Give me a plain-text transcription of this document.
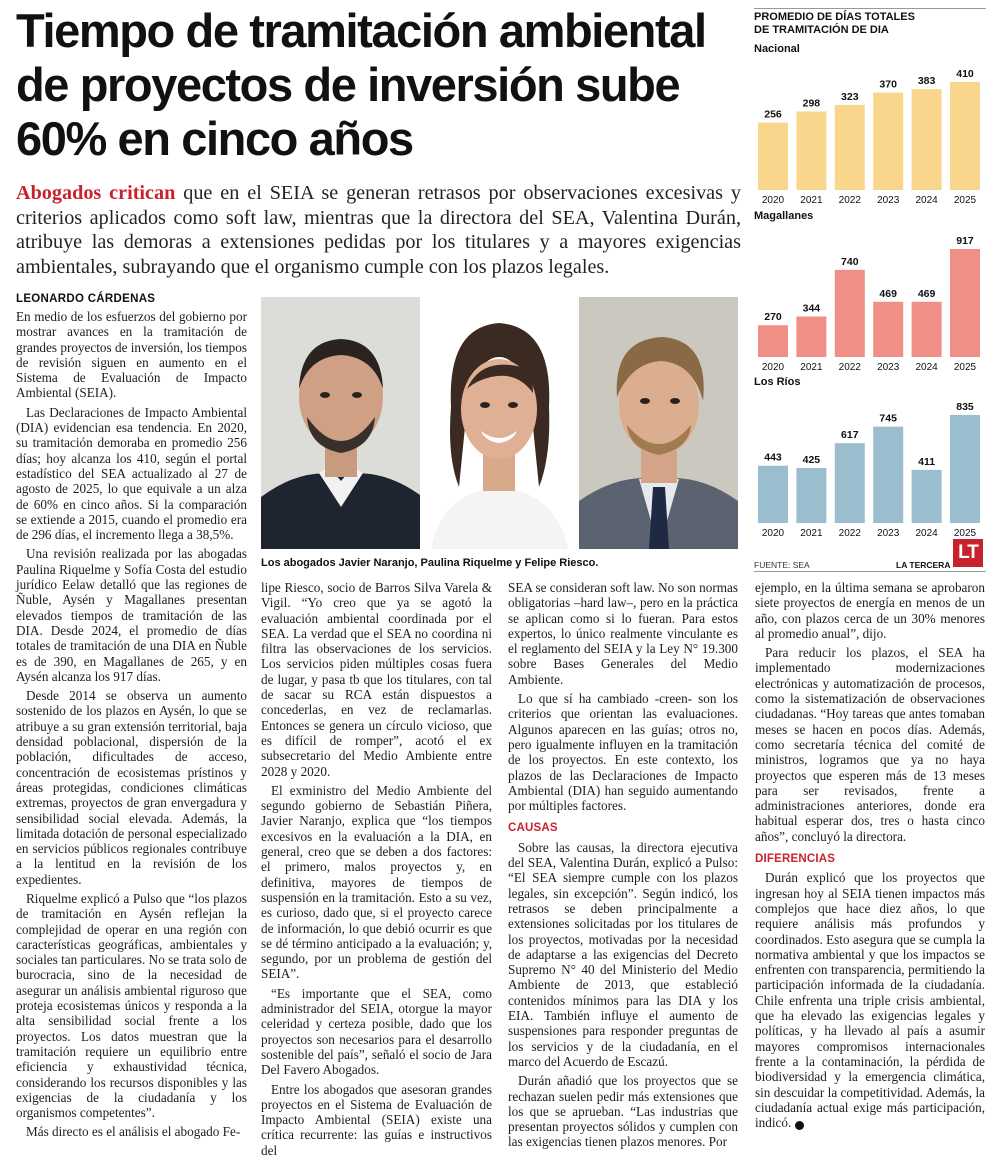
Tiempo de tramitación ambiental de proyectos de inversión sube 60% en cinco años

Abogados critican que en el SEIA se generan retrasos por observaciones excesivas y criterios aplicados como soft law, mientras que la directora del SEA, Valentina Durán, atribuye las demoras a extensiones pedidas por los titulares y a mayores exigencias ambientales, subrayando que el organismo cumple con los plazos legales.

LEONARDO CÁRDENAS

En medio de los esfuerzos del gobierno por mostrar avances en la tramitación de grandes proyectos de inversión, los tiempos de revisión siguen en aumento en el Sistema de Evaluación de Impacto Ambiental (SEIA).

Las Declaraciones de Impacto Ambiental (DIA) evidencian esa tendencia. En 2020, su tramitación demoraba en promedio 256 días; hoy alcanza los 410, según el portal estadístico del SEA actualizado al 27 de agosto de 2025, lo que equivale a un alza de 60% en cinco años. Si la comparación se extiende a 2015, cuando el promedio era de 296 días, el incremento llega a 38,5%.

Una revisión realizada por las abogadas Paulina Riquelme y Sofía Costa del estudio jurídico Eelaw detalló que las regiones de Ñuble, Aysén y Magallanes presentan elevados tiempos de tramitación de las DIA. Desde 2024, el promedio de días totales de tramitación de una DIA en Ñuble es de 390, en Magallanes de 265, y en Aysén alcanza los 917 días.

Desde 2014 se observa un aumento sostenido de los plazos en Aysén, lo que se atribuye a su gran extensión territorial, baja densidad poblacional, dispersión de la población, dificultades de acceso, concentración de ecosistemas prístinos y áreas protegidas, condiciones climáticas extremas, proyectos de gran envergadura y sensibilidad social elevada. Además, la limitada dotación de personal especializado en servicios públicos regionales contribuye a la lentitud en la revisión de los expedientes.

Riquelme explicó a Pulso que “los plazos de tramitación en Aysén reflejan la complejidad de operar en una región con características geográficas, ambientales y sociales tan particulares. No se trata solo de burocracia, sino de la necesidad de asegurar un análisis ambiental riguroso que proteja ecosistemas únicos y responda a la alta sensibilidad social frente a los proyectos. Los datos muestran que la tramitación requiere un equilibrio entre eficiencia y exhaustividad técnica, considerando los recursos disponibles y las exigencias de la ciudadanía y los organismos competentes”.

Más directo es el análisis el abogado Fe-

Los abogados Javier Naranjo, Paulina Riquelme y Felipe Riesco.

lipe Riesco, socio de Barros Silva Varela & Vigil. “Yo creo que ya se agotó la evaluación ambiental coordinada por el SEA. La verdad que el SEA no coordina ni filtra las observaciones de los servicios. Los servicios piden múltiples cosas fuera de lugar, y pasa tb que los titulares, con tal de sacar su RCA están dispuestos a concederlas, en vez de reclamarlas. Entonces se genera un círculo vicioso, que es difícil de romper”, acotó el ex subsecretario del Medio Ambiente entre 2028 y 2020.

El exministro del Medio Ambiente del segundo gobierno de Sebastián Piñera, Javier Naranjo, explica que “los tiempos excesivos en la evaluación a la DIA, en general, creo que se deben a dos factores: el primero, malos proyectos y, en definitiva, mayores de tiempos de suspensión en la tramitación. Esto a su vez, es curioso, dado que, si el proyecto carece de información, lo que debió ocurrir es que se dé término anticipado a la evaluación; y, segundo, por un problema de gestión del SEIA”.

“Es importante que el SEA, como administrador del SEIA, otorgue la mayor celeridad y certeza posible, dado que los proyectos son necesarios para el desarrollo sostenible del país”, señaló el socio de Jara Del Favero Abogados.

Entre los abogados que asesoran grandes proyectos en el Sistema de Evaluación de Impacto Ambiental (SEIA) existe una crítica recurrente: las guías e instructivos del

SEA se consideran soft law. No son normas obligatorias –hard law–, pero en la práctica se aplican como si lo fueran. Para estos expertos, lo único realmente vinculante es el reglamento del SEIA y la Ley N° 19.300 sobre Bases Generales del Medio Ambiente.

Lo que sí ha cambiado -creen- son los criterios que orientan las evaluaciones. Algunos aparecen en las guías; otros no, pero igualmente influyen en la tramitación de los proyectos. En este contexto, los plazos de las Declaraciones de Impacto Ambiental (DIA) han seguido aumentando por múltiples factores.

CAUSAS

Sobre las causas, la directora ejecutiva del SEA, Valentina Durán, explicó a Pulso: “El SEA siempre cumple con los plazos legales, sin excepción”. Según indicó, los retrasos se deben principalmente a extensiones solicitadas por los titulares de los proyectos, motivadas por la necesidad de adaptarse a las exigencias del Decreto Supremo N° 40 del Ministerio del Medio Ambiente de 2013, que estableció contenidos mínimos para las DIA y los EIA. También influye el aumento de suspensiones para responder preguntas de los servicios y de la ciudadanía, en el marco del Acuerdo de Escazú.

Durán añadió que los proyectos que se rechazan suelen pedir más extensiones que los que se aprueban. “Las industrias que presentan proyectos sólidos y cumplen con las exigencias tienen plazos menores. Por

ejemplo, en la última semana se aprobaron siete proyectos de energía en menos de un año, con plazos cerca de un 30% menores al promedio anual”, dijo.

Para reducir los plazos, el SEA ha implementado modernizaciones electrónicas y automatización de procesos, como la sistematización de observaciones ciudadanas. “Hoy tareas que antes tomaban meses se hacen en pocos días. Además, como secretaría técnica del comité de ministros, logramos que ya no haya proyectos que esperen más de 13 meses para ser revisados, frente a administraciones anteriores, donde era habitual esperar dos, tres o hasta cinco años”, concluyó la directora.

DIFERENCIAS

Durán explicó que los proyectos que ingresan hoy al SEIA tienen impactos más complejos que hace diez años, lo que requiere análisis más profundos y coordinados. Esto asegura que se cumpla la normativa ambiental y que los impactos se enfrenten con transparencia, permitiendo la participación informada de la ciudadanía. Chile enfrenta una triple crisis ambiental, que ha elevado las exigencias legales y políticas, y ha llevado al país a asumir mayores compromisos internacionales frente a la contaminación, la pérdida de biodiversidad y la emergencia climática, sin descuidar la competitividad. Además, la ciudadanía actual exige más participación, indicó. P

PROMEDIO DE DÍAS TOTALES
DE TRAMITACIÓN DE DIA
Nacional
256
2020
298
2021
323
2022
370
2023
383
2024
410
2025
Magallanes
270
2020
344
2021
740
2022
469
2023
469
2024
917
2025
Los Ríos
443
2020
425
2021
617
2022
745
2023
411
2024
835
2025
FUENTE: SEA	LA TERCERA
LT
